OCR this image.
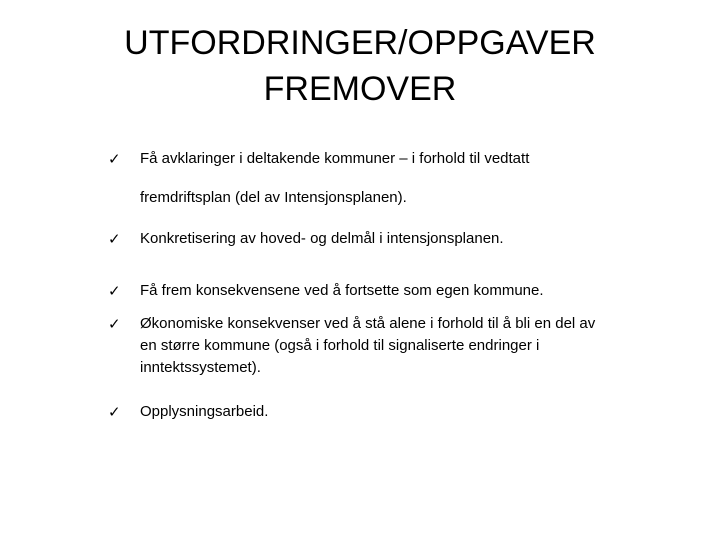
UTFORDRINGER/OPPGAVER
FREMOVER
✓	Få avklaringer i deltakende kommuner – i forhold til vedtatt
fremdriftsplan (del av Intensjonsplanen).
✓	Konkretisering av hoved- og delmål i intensjonsplanen.
✓	Få frem konsekvensene ved å fortsette som egen kommune.
✓	Økonomiske konsekvenser ved å stå alene i forhold til å bli en del av en større kommune (også i forhold til signaliserte endringer i inntektssystemet).
✓	Opplysningsarbeid.
